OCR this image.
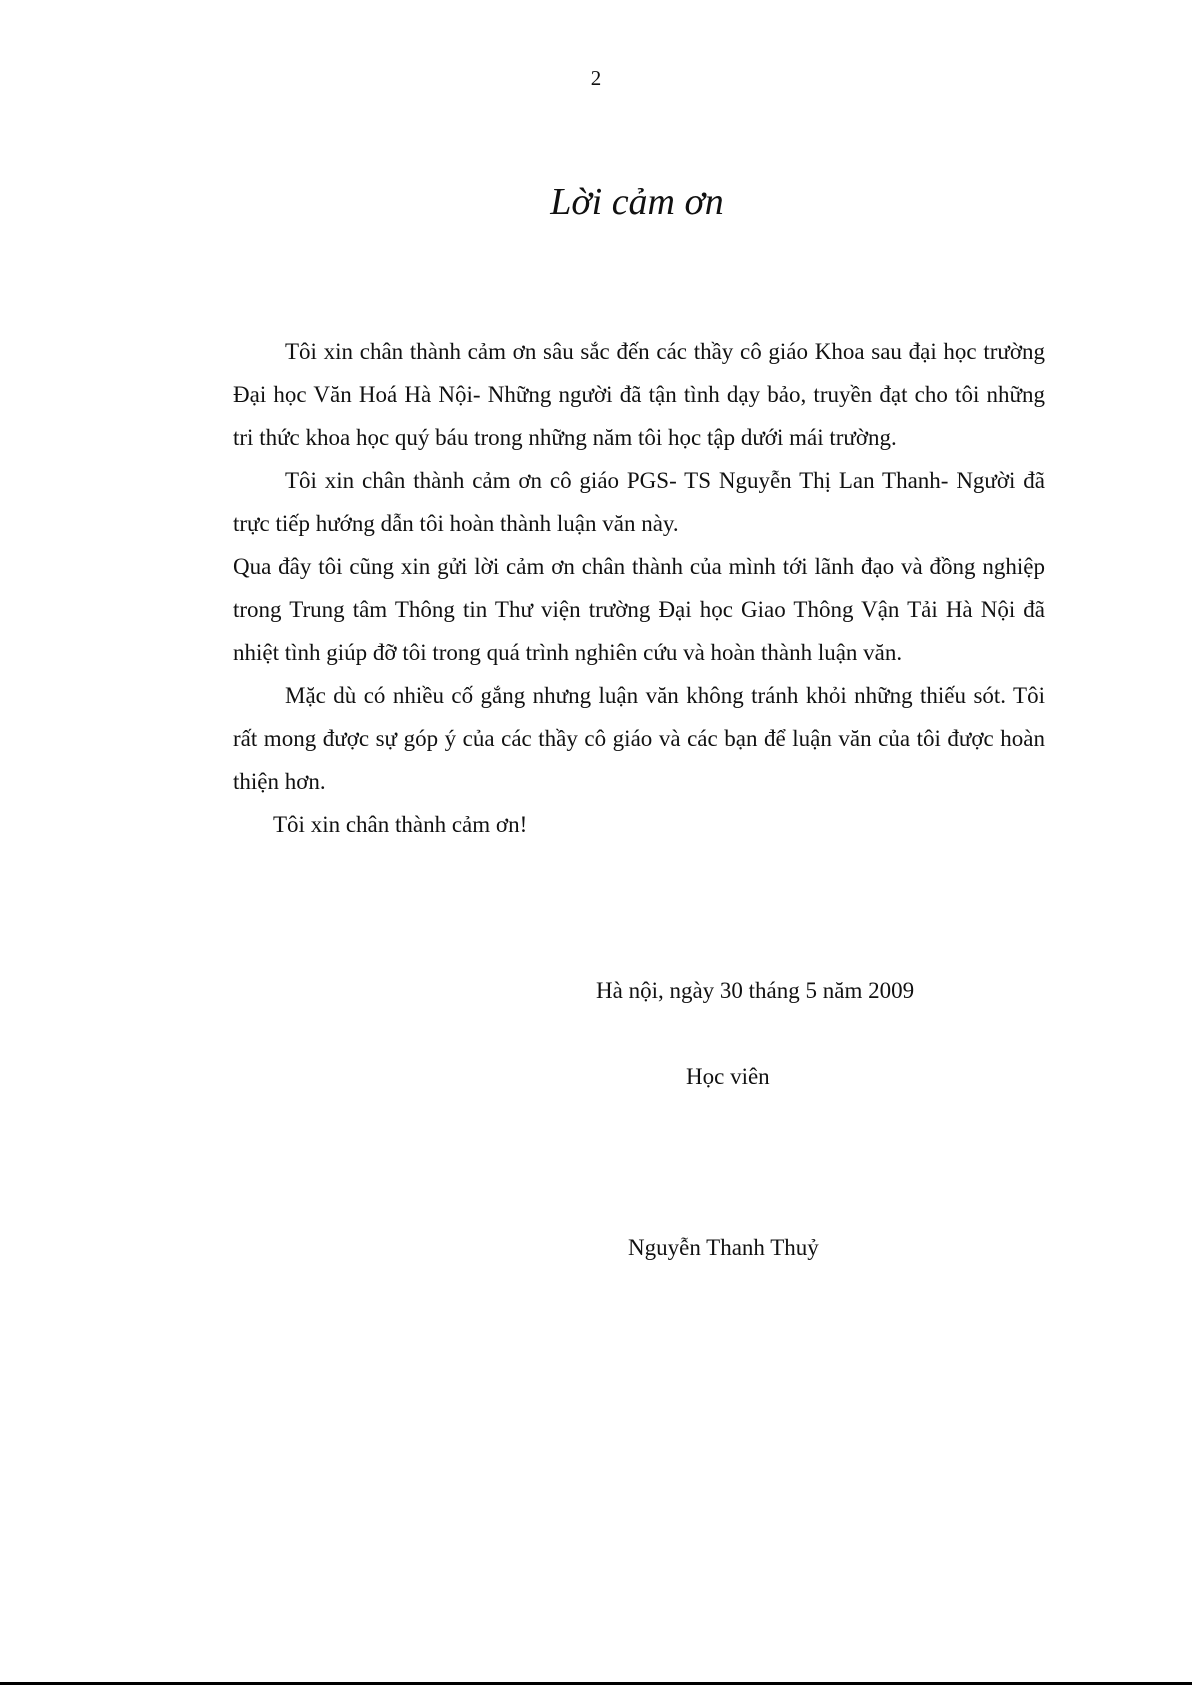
2
Lời cảm ơn

Tôi xin chân thành cảm ơn sâu sắc đến các thầy cô giáo Khoa sau đại học trường Đại học Văn Hoá Hà Nội- Những người đã tận tình dạy bảo, truyền đạt cho tôi những tri thức khoa học quý báu trong những năm tôi học tập dưới mái trường.

Tôi xin chân thành cảm ơn cô giáo PGS- TS Nguyễn Thị Lan Thanh- Người đã trực tiếp hướng dẫn tôi hoàn thành luận văn này.

Qua đây tôi cũng xin gửi lời cảm ơn chân thành của mình tới lãnh đạo và đồng nghiệp trong Trung tâm Thông tin Thư viện trường Đại học Giao Thông Vận Tải Hà Nội đã nhiệt tình giúp đỡ tôi trong quá trình nghiên cứu và hoàn thành luận văn.

Mặc dù có nhiều cố gắng nhưng luận văn không tránh khỏi những thiếu sót. Tôi rất mong được sự góp ý của các thầy cô giáo và các bạn để luận văn của tôi được hoàn thiện hơn.

Tôi xin chân thành cảm ơn!

Hà nội, ngày 30 tháng 5 năm 2009
Học viên
Nguyễn Thanh Thuỷ
